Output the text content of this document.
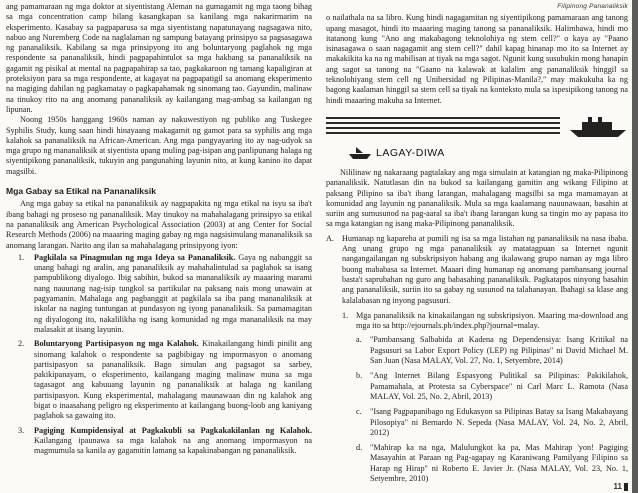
ang pamamaraan ng mga doktor at siyentistang Aleman na gumagamit ng mga taong bihag sa mga concentration camp bilang kasangkapan sa kanilang mga nakarirmarim na eksperimento. Kasabay sa pagpaparusa sa mga siyentistang napatunayang nagsagawa nito, nabuo ang Nuremberg Code na naglalaman ng sampung batayang prinsipyo sa pagsasagawa ng pananaliksik. Kabilang sa mga prinsipyong ito ang boluntaryong paglahok ng mga respondente sa pananaliksik, hindi pagpapahintulot sa mga hakbang sa pananaliksik na gagamit ng pisikal at mental na pagpapahirap sa tao, pagkakaroon ng tamang kapaligiran at proteksiyon para sa mga respondente, at kagayat na pagpapatigil sa anomang eksperimento na magiging dahilan ng pagkamatay o pagkapahamak ng sinomang tao. Gayundin, malinaw na tinukoy rito na ang anomang pananaliksik ay kailangang mag-ambag sa kailangan ng lipunan.

Noong 1950s hanggang 1960s naman ay nakuwestiyon ng publiko ang Tuskegee Syphilis Study, kung saan hindi hinayaang makagamit ng gamot para sa syphilis ang mga kalahok sa pananaliksik na African-American. Ang mga pangyayaring ito ay nag-udyok sa mga grupo ng mananaliksik at siyentista upang muling pag-isipan ang panlipunang halaga ng siyentipikong pananaliksik, tukuyin ang pangunahing layunin nito, at kung kanino ito dapat magsilbi.

Mga Gabay sa Etikal na Pananaliksik

Ang mga gabay sa etikal na pananaliksik ay nagpapakita ng mga etikal na isyu sa iba't ibang bahagi ng proseso ng pananaliksik. May tinukoy na mahahalagang prinsipyo sa etikal na pananaliksik ang American Psychological Association (2003) at ang Center for Social Research Methods (2006) na maaaring maging gabay ng mga nagsisimulang mananaliksik sa anomang larangan. Narito ang ilan sa mahahalagang prinsipyong iyon:

1. Pagkilala sa Pinagmulan ng mga Ideya sa Pananaliksik. Gaya ng nabanggit sa unang bahagi ng aralin, ang pananaliksik ay mahahalintulad sa paglahok sa isang pampublikong diyalogo. Ibig sabihin, bukod sa mananaliksik ay maaaring marami nang nauunang nag-isip tungkol sa partikular na paksang nais mong unawain at pagyamanin. Mahalaga ang pagbanggit at pagkilala sa iba pang mananaliksik at iskolar na naging tuntungan at pundasyon ng iyong pananaliksik. Sa pamamagitan ng diyalogong ito, nakalilikha ng isang komunidad ng mga mananaliksik na may malasakit at iisang layunin.
2. Boluntaryong Partisipasyon ng mga Kalahok. Kinakailangang hindi pinilit ang sinomang kalahok o respondente sa pagbibigay ng impormasyon o anomang partisipasyon sa pananaliksik. Bago simulan ang pagsagot sa sarbey, pakikipanayam, o eksperimento, kailangang maging malinaw muna sa mga tagasagot ang kabuuang layunin ng pananaliksik at halaga ng kanilang partisipasyon. Kung eksperimental, mahalagang maunawaan din ng kalahok ang bigat o inaasahang peligro ng eksperimento at kailangang buong-loob ang kaniyang paglahok sa gawaing ito.
3. Pagiging Kumpidensiyal at Pagkakubli sa Pagkakakilanlan ng Kalahok. Kailangang ipaunawa sa mga kalahok na ang anomang impormasyon na magmumula sa kanila ay gagamitin lamang sa kapakinabangan ng pananaliksik.
Filipinong Pananaliksik

o nailathala na sa libro. Kung hindi nagagamitan ng siyentipikong pamamaraan ang tanong upang masagot, hindi ito maaaring maging tanong sa pananaliksik. Halimbawa, hindi mo itatanong kung "Ano ang makabagong teknolohiya ng stem cell?" o kaya ay "Paano isinasagawa o saan nagagamit ang stem cell?" dahil kapag hinanap mo ito sa Internet ay makakikita ka na ng mabilisan at tiyak na mga sagot. Ngunit kung susubukin mong hanapin ang sagot sa tanong na "Gaano na kalawak at kalalim ang pananaliksik hinggil sa teknolohiyang stem cell ng Unibersidad ng Pilipinas-Manila?," may makukuha ka ng bagong kaalaman hinggil sa stem cell sa tiyak na konteksto mula sa ispesipikong tanong na hindi maaaring makuha sa Internet.

LAGAY-DIWA

Nililinaw ng nakaraang pagtalakay ang mga simulain at katangian ng maka-Pilipinong pananaliksik. Natutlasan din na bukod sa kailangang gamitin ang wikang Filipino at paksang Pilipino sa iba't ibang larangan, mahalagang magsilbi sa mga mamamayan at komunidad ang layunin ng pananaliksik. Mula sa mga kaalamang nauunawaan, basahin at suriin ang sumusunod na pag-aaral sa iba't ibang larangan kung sa tingin mo ay papasa ito sa mga katangian ng isang maka-Pilipinong pananaliksik.

A. Humanap ng kapareha at pumili ng isa sa mga listahan ng pananaliksik na nasa ibaba. Ang unang grupo ng mga pananaliksik ay matatagpuan sa Internet ngunit nangangailangan ng subskripsiyon habang ang ikalawang grupo naman ay mga libro buong mababasa sa Internet. Maaari ding humanap ng anomang pambansang journal basta't saprubahan ng guro ang babasahing pananaliksik. Pagkatapos ninyong basahin ang pananaliksik, suriin ito sa gabay ng susunod na talahanayan. Ibahagi sa klase ang kalalabasan ng inyong pagsusuri.
1. Mga pananaliksik na kinakailangan ng subskripsiyon. Maaring ma-download ang mga ito sa http://ejournals.ph/index.php?journal=malay.
a. "Pambansang Salbabida at Kadena ng Dependensiya: Isang Kritikal na Pagsusuri sa Labor Export Policy (LEP) ng Pilipinas" ni David Michael M. San Juan (Nasa MALAY, Vol. 27, No. 1, Setyembre, 2014)
b. "Ang Internet Bilang Espasyong Pulitikal sa Pilipinas: Pakikilahok, Pamamahala, at Protesta sa Cyberspace" ni Carl Marc L. Ramota (Nasa MALAY, Vol. 25, No. 2, Abril, 2013)
c. "Isang Pagpapanibago ng Edukasyon sa Pilipinas Batay sa Isang Makabayang Pilosopiya" ni Bernardo N. Sepeda (Nasa MALAY, Vol. 24, No. 2, Abril, 2012)
d. "Mahirap ka na nga, Malulungkot ka pa, Mas Mahirap 'yon! Pagiging Masayahin at Paraan ng Pag-agapay ng Karaniwang Pamilyang Filipino sa Harap ng Hirap" ni Roberto E. Javier Jr. (Nasa MALAY, Vol. 23, No. 1, Setyembre, 2010)
11
